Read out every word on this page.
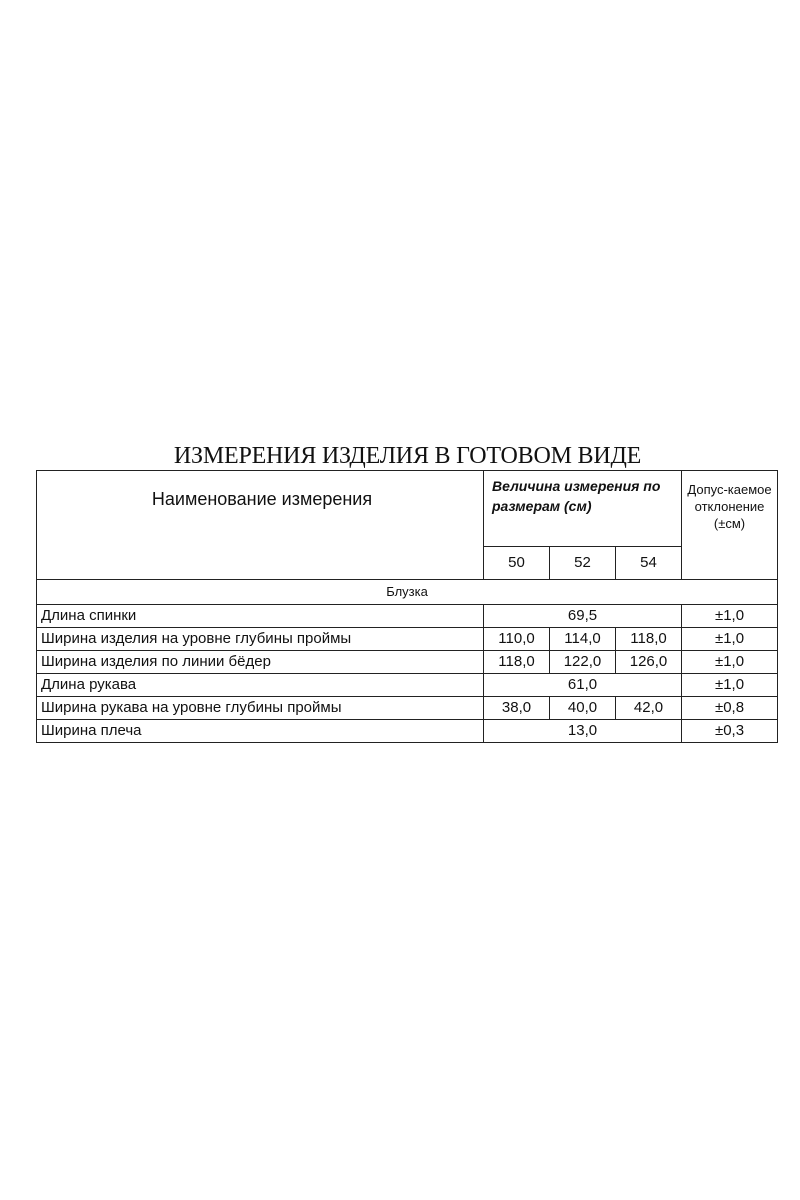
ИЗМЕРЕНИЯ ИЗДЕЛИЯ В ГОТОВОМ ВИДЕ
Наименование измерения	Величина измерения по размерам (см)			Допус-каемое отклонение (±см)
	50	52	54	
Блузка				
Длина спинки	69,5			±1,0
Ширина изделия на уровне глубины проймы	110,0	114,0	118,0	±1,0
Ширина изделия по линии бёдер	118,0	122,0	126,0	±1,0
Длина рукава	61,0			±1,0
Ширина рукава на уровне глубины проймы	38,0	40,0	42,0	±0,8
Ширина плеча	13,0			±0,3
